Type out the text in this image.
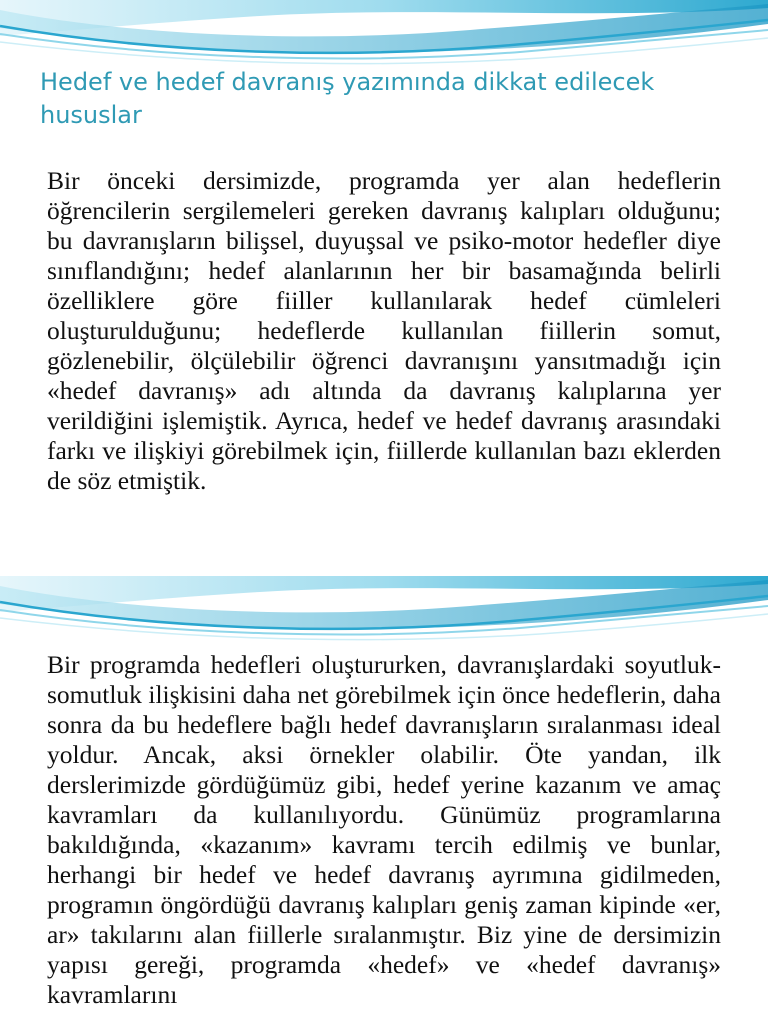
Hedef ve hedef davranış yazımında dikkat edilecek hususlar

Bir önceki dersimizde, programda yer alan hedeflerin öğrencilerin sergilemeleri gereken davranış kalıpları olduğunu; bu davranışların bilişsel, duyuşsal ve psiko-motor hedefler diye sınıflandığını; hedef alanlarının her bir basamağında belirli özelliklere göre fiiller kullanılarak hedef cümleleri oluşturulduğunu; hedeflerde kullanılan fiillerin somut, gözlenebilir, ölçülebilir öğrenci davranışını yansıtmadığı için «hedef davranış» adı altında da davranış kalıplarına yer verildiğini işlemiştik. Ayrıca, hedef ve hedef davranış arasındaki farkı ve ilişkiyi görebilmek için, fiillerde kullanılan bazı eklerden de söz etmiştik.

Bir programda hedefleri oluştururken, davranışlardaki soyutluk-somutluk ilişkisini daha net görebilmek için önce hedeflerin, daha sonra da bu hedeflere bağlı hedef davranışların sıralanması ideal yoldur. Ancak, aksi örnekler olabilir. Öte yandan, ilk derslerimizde gördüğümüz gibi, hedef yerine kazanım ve amaç kavramları da kullanılıyordu. Günümüz programlarına bakıldığında, «kazanım» kavramı tercih edilmiş ve bunlar, herhangi bir hedef ve hedef davranış ayrımına gidilmeden, programın öngördüğü davranış kalıpları geniş zaman kipinde «er, ar» takılarını alan fiillerle sıralanmıştır. Biz yine de dersimizin yapısı gereği, programda «hedef» ve «hedef davranış» kavramlarını
